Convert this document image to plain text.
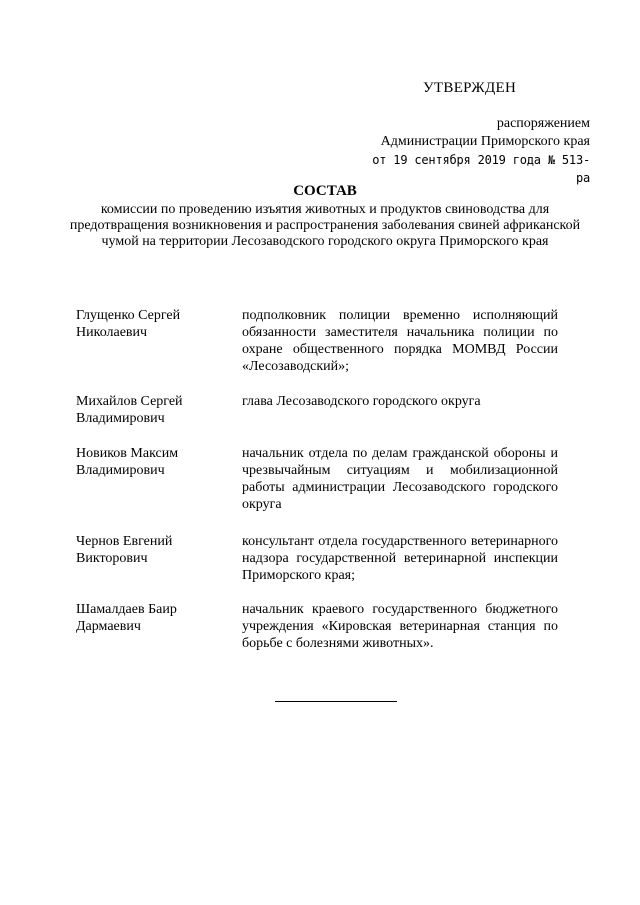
УТВЕРЖДЕН
распоряжением
Администрации Приморского края
от 19 сентября 2019 года № 513-ра
СОСТАВ
комиссии по проведению изъятия животных и продуктов свиноводства для предотвращения возникновения и распространения заболевания свиней африканской чумой на территории Лесозаводского городского округа Приморского края
Глущенко Сергей Николаевич
подполковник полиции временно исполняющий обязанности заместителя начальника полиции по охране общественного порядка МОМВД России «Лесозаводский»;
Михайлов Сергей Владимирович
глава Лесозаводского городского округа
Новиков Максим Владимирович
начальник отдела по делам гражданской обороны и чрезвычайным ситуациям и мобилизационной работы администрации Лесозаводского городского округа
Чернов Евгений Викторович
консультант отдела государственного ветеринарного надзора государственной ветеринарной инспекции Приморского края;
Шамалдаев Баир Дармаевич
начальник краевого государственного бюджетного учреждения «Кировская ветеринарная станция по борьбе с болезнями животных».
